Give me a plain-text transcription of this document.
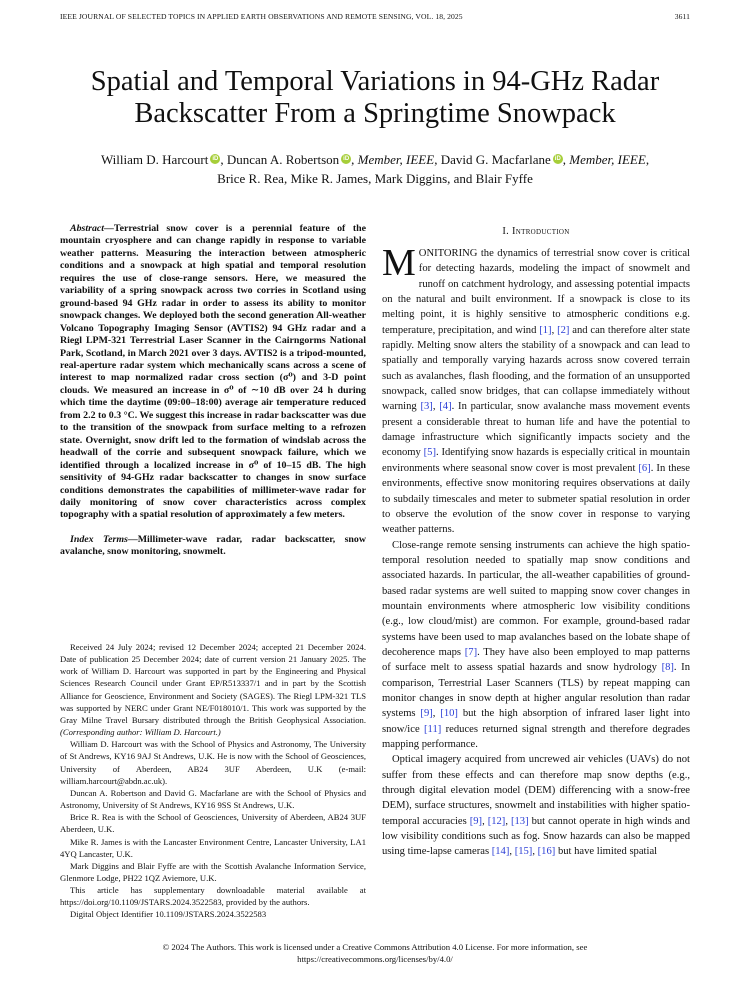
IEEE JOURNAL OF SELECTED TOPICS IN APPLIED EARTH OBSERVATIONS AND REMOTE SENSING, VOL. 18, 2025	3611
Spatial and Temporal Variations in 94-GHz Radar Backscatter From a Springtime Snowpack
William D. Harcourt iD , Duncan A. Robertson iD , Member, IEEE, David G. Macfarlane iD , Member, IEEE,
Brice R. Rea, Mike R. James, Mark Diggins, and Blair Fyffe

Abstract—Terrestrial snow cover is a perennial feature of the mountain cryosphere and can change rapidly in response to variable weather patterns. Measuring the interaction between atmospheric conditions and a snowpack at high spatial and temporal resolution requires the use of close-range sensors. Here, we measured the variability of a spring snowpack across two corries in Scotland using ground-based 94 GHz radar in order to assess its ability to monitor snowpack changes. We deployed both the second generation All-weather Volcano Topography Imaging Sensor (AVTIS2) 94 GHz radar and a Riegl LPM-321 Terrestrial Laser Scanner in the Cairngorms National Park, Scotland, in March 2021 over 3 days. AVTIS2 is a tripod-mounted, real-aperture radar system which mechanically scans across a scene of interest to map normalized radar cross section (σ⁰) and 3-D point clouds. We measured an increase in σ⁰ of ∼10 dB over 24 h during which time the daytime (09:00–18:00) average air temperature reduced from 2.2 to 0.3 °C. We suggest this increase in radar backscatter was due to the transition of the snowpack from surface melting to a refrozen state. Overnight, snow drift led to the formation of windslab across the headwall of the corrie and subsequent snowpack failure, which we identified through a localized increase in σ⁰ of 10–15 dB. The high sensitivity of 94-GHz radar backscatter to changes in snow surface conditions demonstrates the capabilities of millimeter-wave radar for daily monitoring of snow cover characteristics across complex topography with a spatial resolution of approximately a few meters.

Index Terms—Millimeter-wave radar, radar backscatter, snow avalanche, snow monitoring, snowmelt.

Received 24 July 2024; revised 12 December 2024; accepted 21 December 2024. Date of publication 25 December 2024; date of current version 21 January 2025. The work of William D. Harcourt was supported in part by the Engineering and Physical Sciences Research Council under Grant EP/R513337/1 and in part by the Scottish Alliance for Geoscience, Environment and Society (SAGES). The Riegl LPM-321 TLS was supported by NERC under Grant NE/F018010/1. This work was supported by the Gray Milne Travel Bursary distributed through the British Geophysical Association. (Corresponding author: William D. Harcourt.)

William D. Harcourt was with the School of Physics and Astronomy, The University of St Andrews, KY16 9AJ St Andrews, U.K. He is now with the School of Geosciences, University of Aberdeen, AB24 3UF Aberdeen, U.K (e-mail: william.harcourt@abdn.ac.uk).

Duncan A. Robertson and David G. Macfarlane are with the School of Physics and Astronomy, University of St Andrews, KY16 9SS St Andrews, U.K.

Brice R. Rea is with the School of Geosciences, University of Aberdeen, AB24 3UF Aberdeen, U.K.

Mike R. James is with the Lancaster Environment Centre, Lancaster University, LA1 4YQ Lancaster, U.K.

Mark Diggins and Blair Fyffe are with the Scottish Avalanche Information Service, Glenmore Lodge, PH22 1QZ Aviemore, U.K.

This article has supplementary downloadable material available at https://doi.org/10.1109/JSTARS.2024.3522583, provided by the authors.

Digital Object Identifier 10.1109/JSTARS.2024.3522583

I. Introduction

MONITORING the dynamics of terrestrial snow cover is critical for detecting hazards, modeling the impact of snowmelt and runoff on catchment hydrology, and assessing potential impacts on the natural and built environment. If a snowpack is close to its melting point, it is highly sensitive to atmospheric conditions e.g. temperature, precipitation, and wind [1], [2] and can therefore alter state rapidly. Melting snow alters the stability of a snowpack and can lead to spatially and temporally varying hazards across snow covered terrain such as avalanches, flash flooding, and the formation of an unsupported snowpack, called snow bridges, that can collapse immediately without warning [3], [4]. In particular, snow avalanche mass movement events present a considerable threat to human life and have the potential to damage infrastructure which significantly impacts society and the economy [5]. Identifying snow hazards is especially critical in mountain environments where seasonal snow cover is most prevalent [6]. In these environments, effective snow monitoring requires observations at daily to subdaily timescales and meter to submeter spatial resolution in order to observe the evolution of the snow cover in response to varying weather patterns.

Close-range remote sensing instruments can achieve the high spatio-temporal resolution needed to spatially map snow conditions and associated hazards. In particular, the all-weather capabilities of ground-based radar systems are well suited to mapping snow cover changes in mountain environments where atmospheric low visibility conditions (e.g., low cloud/mist) are common. For example, ground-based radar systems have been used to map avalanches based on the lobate shape of decoherence maps [7]. They have also been employed to map patterns of surface melt to assess spatial hazards and snow hydrology [8]. In comparison, Terrestrial Laser Scanners (TLS) by repeat mapping can monitor changes in snow depth at higher angular resolution than radar systems [9], [10] but the high absorption of infrared laser light into snow/ice [11] reduces returned signal strength and therefore degrades mapping performance.

Optical imagery acquired from uncrewed air vehicles (UAVs) do not suffer from these effects and can therefore map snow depths (e.g., through digital elevation model (DEM) differencing with a snow-free DEM), surface structures, snowmelt and instabilities with higher spatio-temporal accuracies [9], [12], [13] but cannot operate in high winds and low visibility conditions such as fog. Snow hazards can also be mapped using time-lapse cameras [14], [15], [16] but have limited spatial

© 2024 The Authors. This work is licensed under a Creative Commons Attribution 4.0 License. For more information, see
https://creativecommons.org/licenses/by/4.0/
